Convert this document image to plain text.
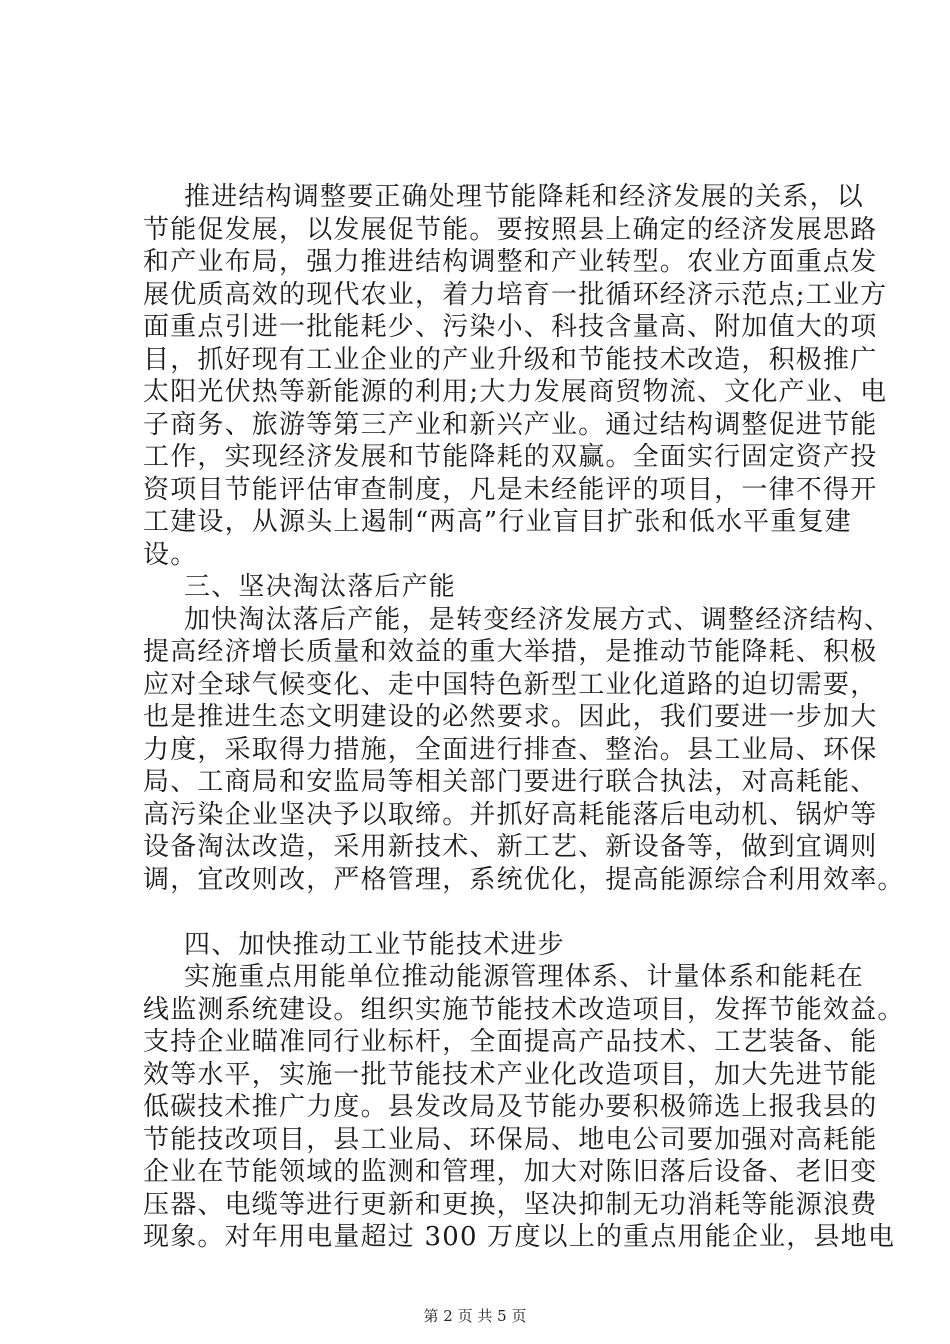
推进结构调整要正确处理节能降耗和经济发展的关系，以
节能促发展，以发展促节能。要按照县上确定的经济发展思路
和产业布局，强力推进结构调整和产业转型。农业方面重点发
展优质高效的现代农业，着力培育一批循环经济示范点;工业方
面重点引进一批能耗少、污染小、科技含量高、附加值大的项
目，抓好现有工业企业的产业升级和节能技术改造，积极推广
太阳光伏热等新能源的利用;大力发展商贸物流、文化产业、电
子商务、旅游等第三产业和新兴产业。通过结构调整促进节能
工作，实现经济发展和节能降耗的双赢。全面实行固定资产投
资项目节能评估审查制度，凡是未经能评的项目，一律不得开
工建设，从源头上遏制“两高”行业盲目扩张和低水平重复建
设。
三、坚决淘汰落后产能
加快淘汰落后产能，是转变经济发展方式、调整经济结构、
提高经济增长质量和效益的重大举措，是推动节能降耗、积极
应对全球气候变化、走中国特色新型工业化道路的迫切需要，
也是推进生态文明建设的必然要求。因此，我们要进一步加大
力度，采取得力措施，全面进行排查、整治。县工业局、环保
局、工商局和安监局等相关部门要进行联合执法，对高耗能、
高污染企业坚决予以取缔。并抓好高耗能落后电动机、锅炉等
设备淘汰改造，采用新技术、新工艺、新设备等，做到宜调则
调，宜改则改，严格管理，系统优化，提高能源综合利用效率。
四、加快推动工业节能技术进步
实施重点用能单位推动能源管理体系、计量体系和能耗在
线监测系统建设。组织实施节能技术改造项目，发挥节能效益。
支持企业瞄准同行业标杆，全面提高产品技术、工艺装备、能
效等水平，实施一批节能技术产业化改造项目，加大先进节能
低碳技术推广力度。县发改局及节能办要积极筛选上报我县的
节能技改项目，县工业局、环保局、地电公司要加强对高耗能
企业在节能领域的监测和管理，加大对陈旧落后设备、老旧变
压器、电缆等进行更新和更换，坚决抑制无功消耗等能源浪费
现象。对年用电量超过 300 万度以上的重点用能企业，县地电
第 2 页 共 5 页
